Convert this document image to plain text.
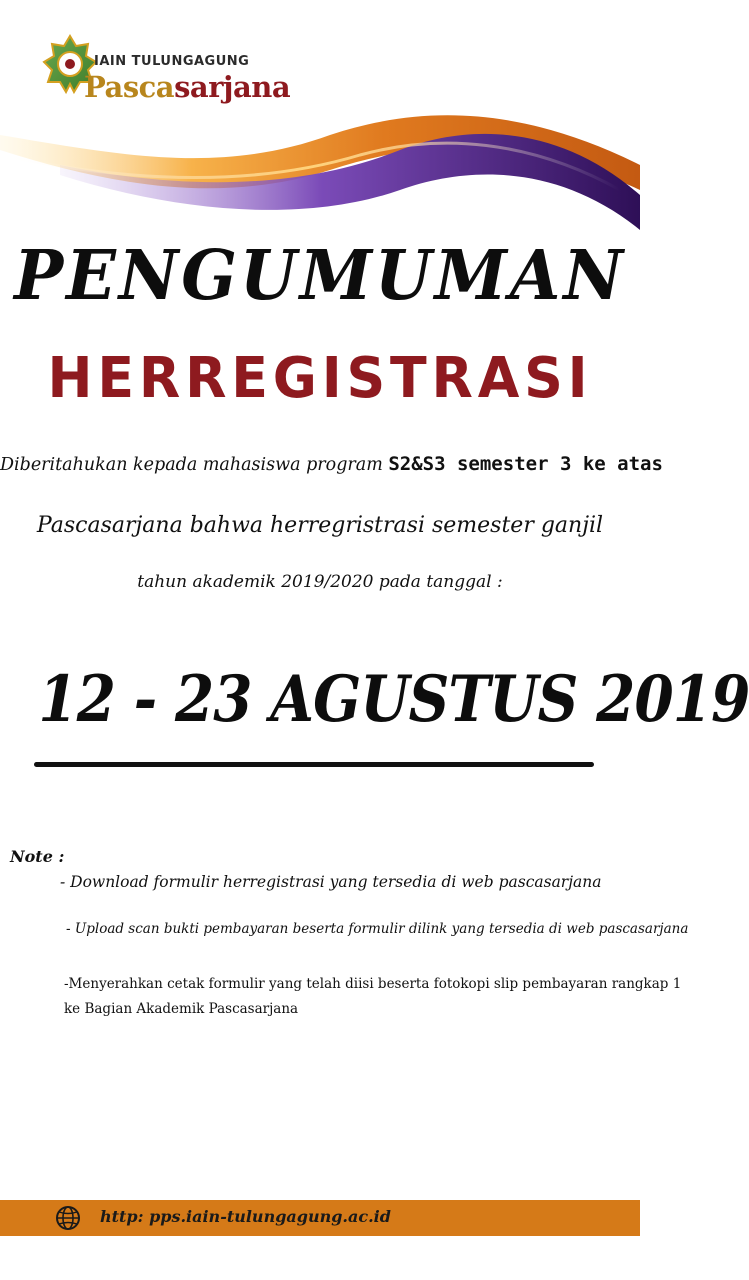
IAIN TULUNGAGUNG
Pascasarjana
PENGUMUMAN
HERREGISTRASI
Diberitahukan kepada mahasiswa program S2&S3 semester 3 ke atas
Pascasarjana bahwa herregristrasi semester ganjil
tahun akademik 2019/2020 pada tanggal :
12 - 23 AGUSTUS 2019
Note :
- Download formulir herregistrasi yang tersedia di web pascasarjana
- Upload scan bukti pembayaran beserta formulir dilink yang tersedia di web pascasarjana
-Menyerahkan cetak formulir yang telah diisi beserta fotokopi slip pembayaran rangkap 1
ke Bagian Akademik Pascasarjana
http: pps.iain-tulungagung.ac.id
